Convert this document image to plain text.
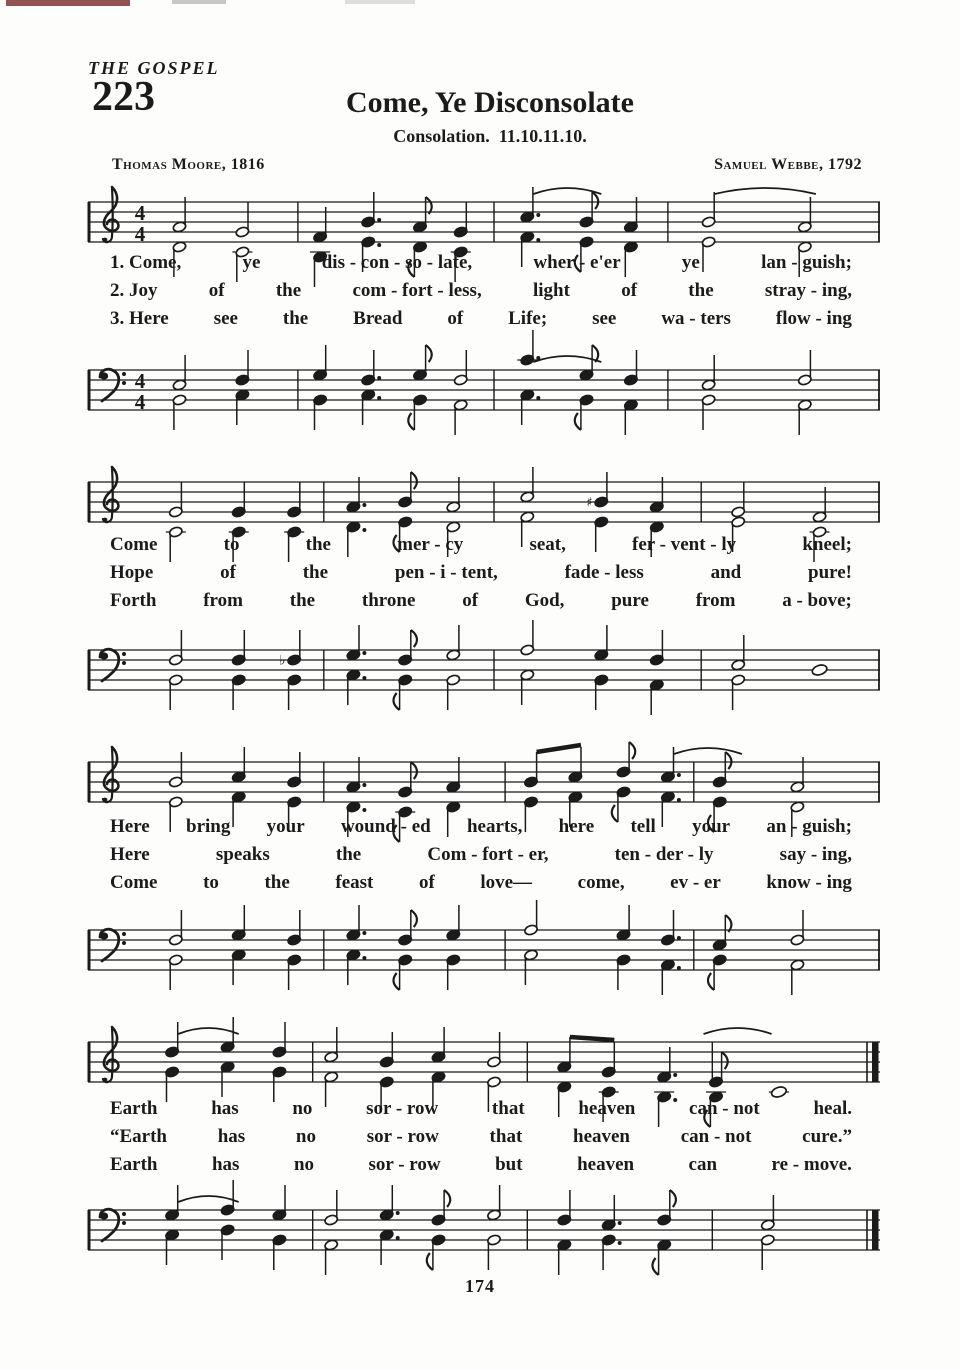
THE GOSPEL
223	Come, Ye Disconsolate
Consolation.  11.10.11.10.
Thomas Moore, 1816	Samuel Webbe, 1792
4
4
1. Come,	ye	dis - con - so - late,	wher - e'er	ye	lan - guish;
2. Joy	of	the	com - fort - less,	light	of	the	stray - ing,
3. Here see the Bread of Life; see wa - ters flow - ing
4
4
♯
Come	to	the	mer - cy	seat,	fer - vent - ly	kneel;
Hope	of	the	pen - i - tent,	fade - less	and	pure!
Forth from the throne of God, pure from a - bove;
♭
Here bring your wound - ed hearts, here tell your an - guish;
Here	speaks	the	Com - fort - er,	ten - der - ly	say - ing,
Come to the feast of love— come, ev - er know - ing
Earth	has	no	sor - row	that	heaven	can - not	heal.
“Earth	has	no	sor - row	that	heaven	can - not	cure.”
Earth	has	no	sor - row	but	heaven	can	re - move.
174
